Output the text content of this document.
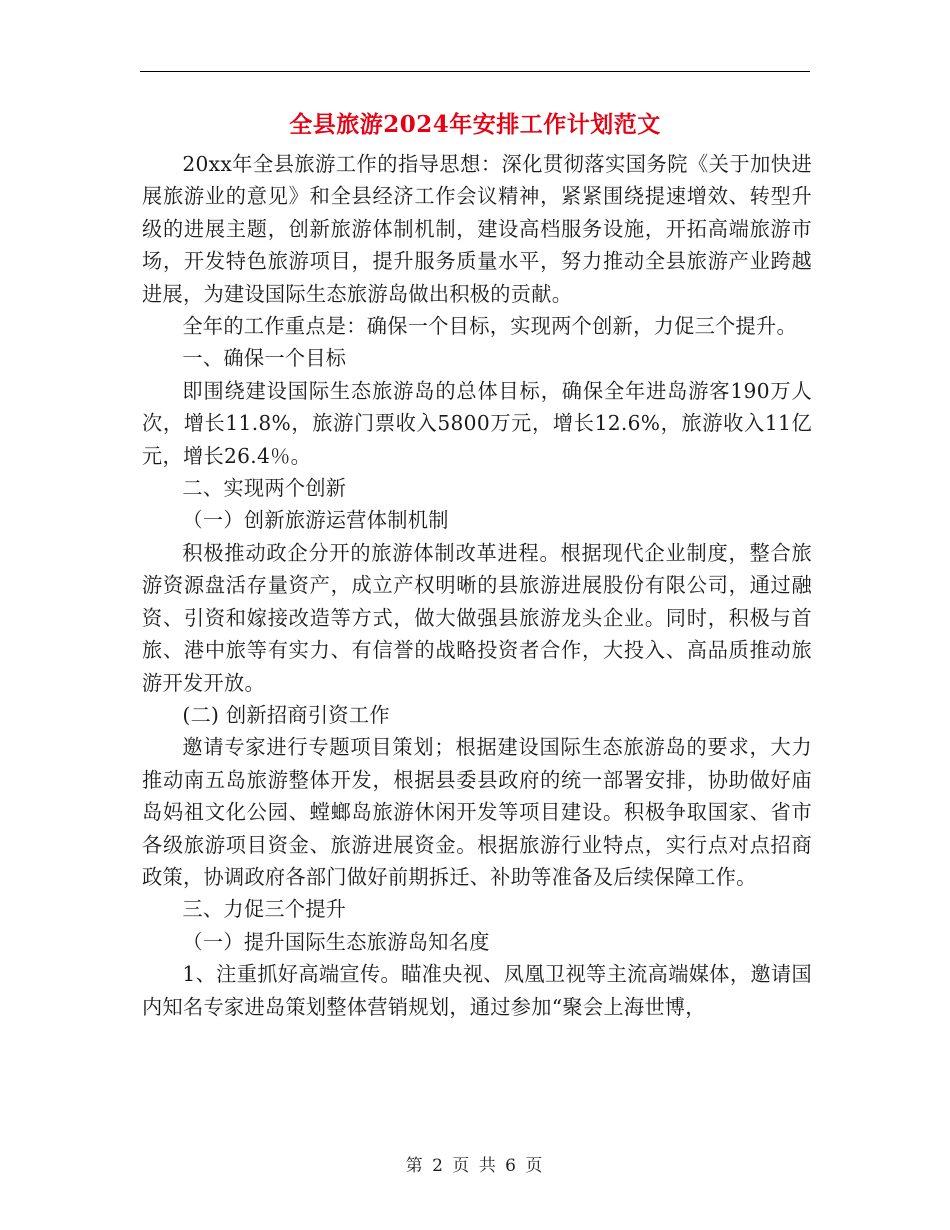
全县旅游2024年安排工作计划范文

20xx年全县旅游工作的指导思想：深化贯彻落实国务院《关于加快进展旅游业的意见》和全县经济工作会议精神，紧紧围绕提速增效、转型升级的进展主题，创新旅游体制机制，建设高档服务设施，开拓高端旅游市场，开发特色旅游项目，提升服务质量水平，努力推动全县旅游产业跨越进展，为建设国际生态旅游岛做出积极的贡献。

全年的工作重点是：确保一个目标，实现两个创新，力促三个提升。

一、确保一个目标

即围绕建设国际生态旅游岛的总体目标，确保全年进岛游客190万人次，增长11.8%，旅游门票收入5800万元，增长12.6%，旅游收入11亿元，增长26.4％。

二、实现两个创新

（一）创新旅游运营体制机制

积极推动政企分开的旅游体制改革进程。根据现代企业制度，整合旅游资源盘活存量资产，成立产权明晰的县旅游进展股份有限公司，通过融资、引资和嫁接改造等方式，做大做强县旅游龙头企业。同时，积极与首旅、港中旅等有实力、有信誉的战略投资者合作，大投入、高品质推动旅游开发开放。

(二) 创新招商引资工作

邀请专家进行专题项目策划；根据建设国际生态旅游岛的要求，大力推动南五岛旅游整体开发，根据县委县政府的统一部署安排，协助做好庙岛妈祖文化公园、螳螂岛旅游休闲开发等项目建设。积极争取国家、省市各级旅游项目资金、旅游进展资金。根据旅游行业特点，实行点对点招商政策，协调政府各部门做好前期拆迁、补助等准备及后续保障工作。

三、力促三个提升

（一）提升国际生态旅游岛知名度

1、注重抓好高端宣传。瞄准央视、凤凰卫视等主流高端媒体，邀请国内知名专家进岛策划整体营销规划，通过参加“聚会上海世博，

第 2 页 共 6 页
